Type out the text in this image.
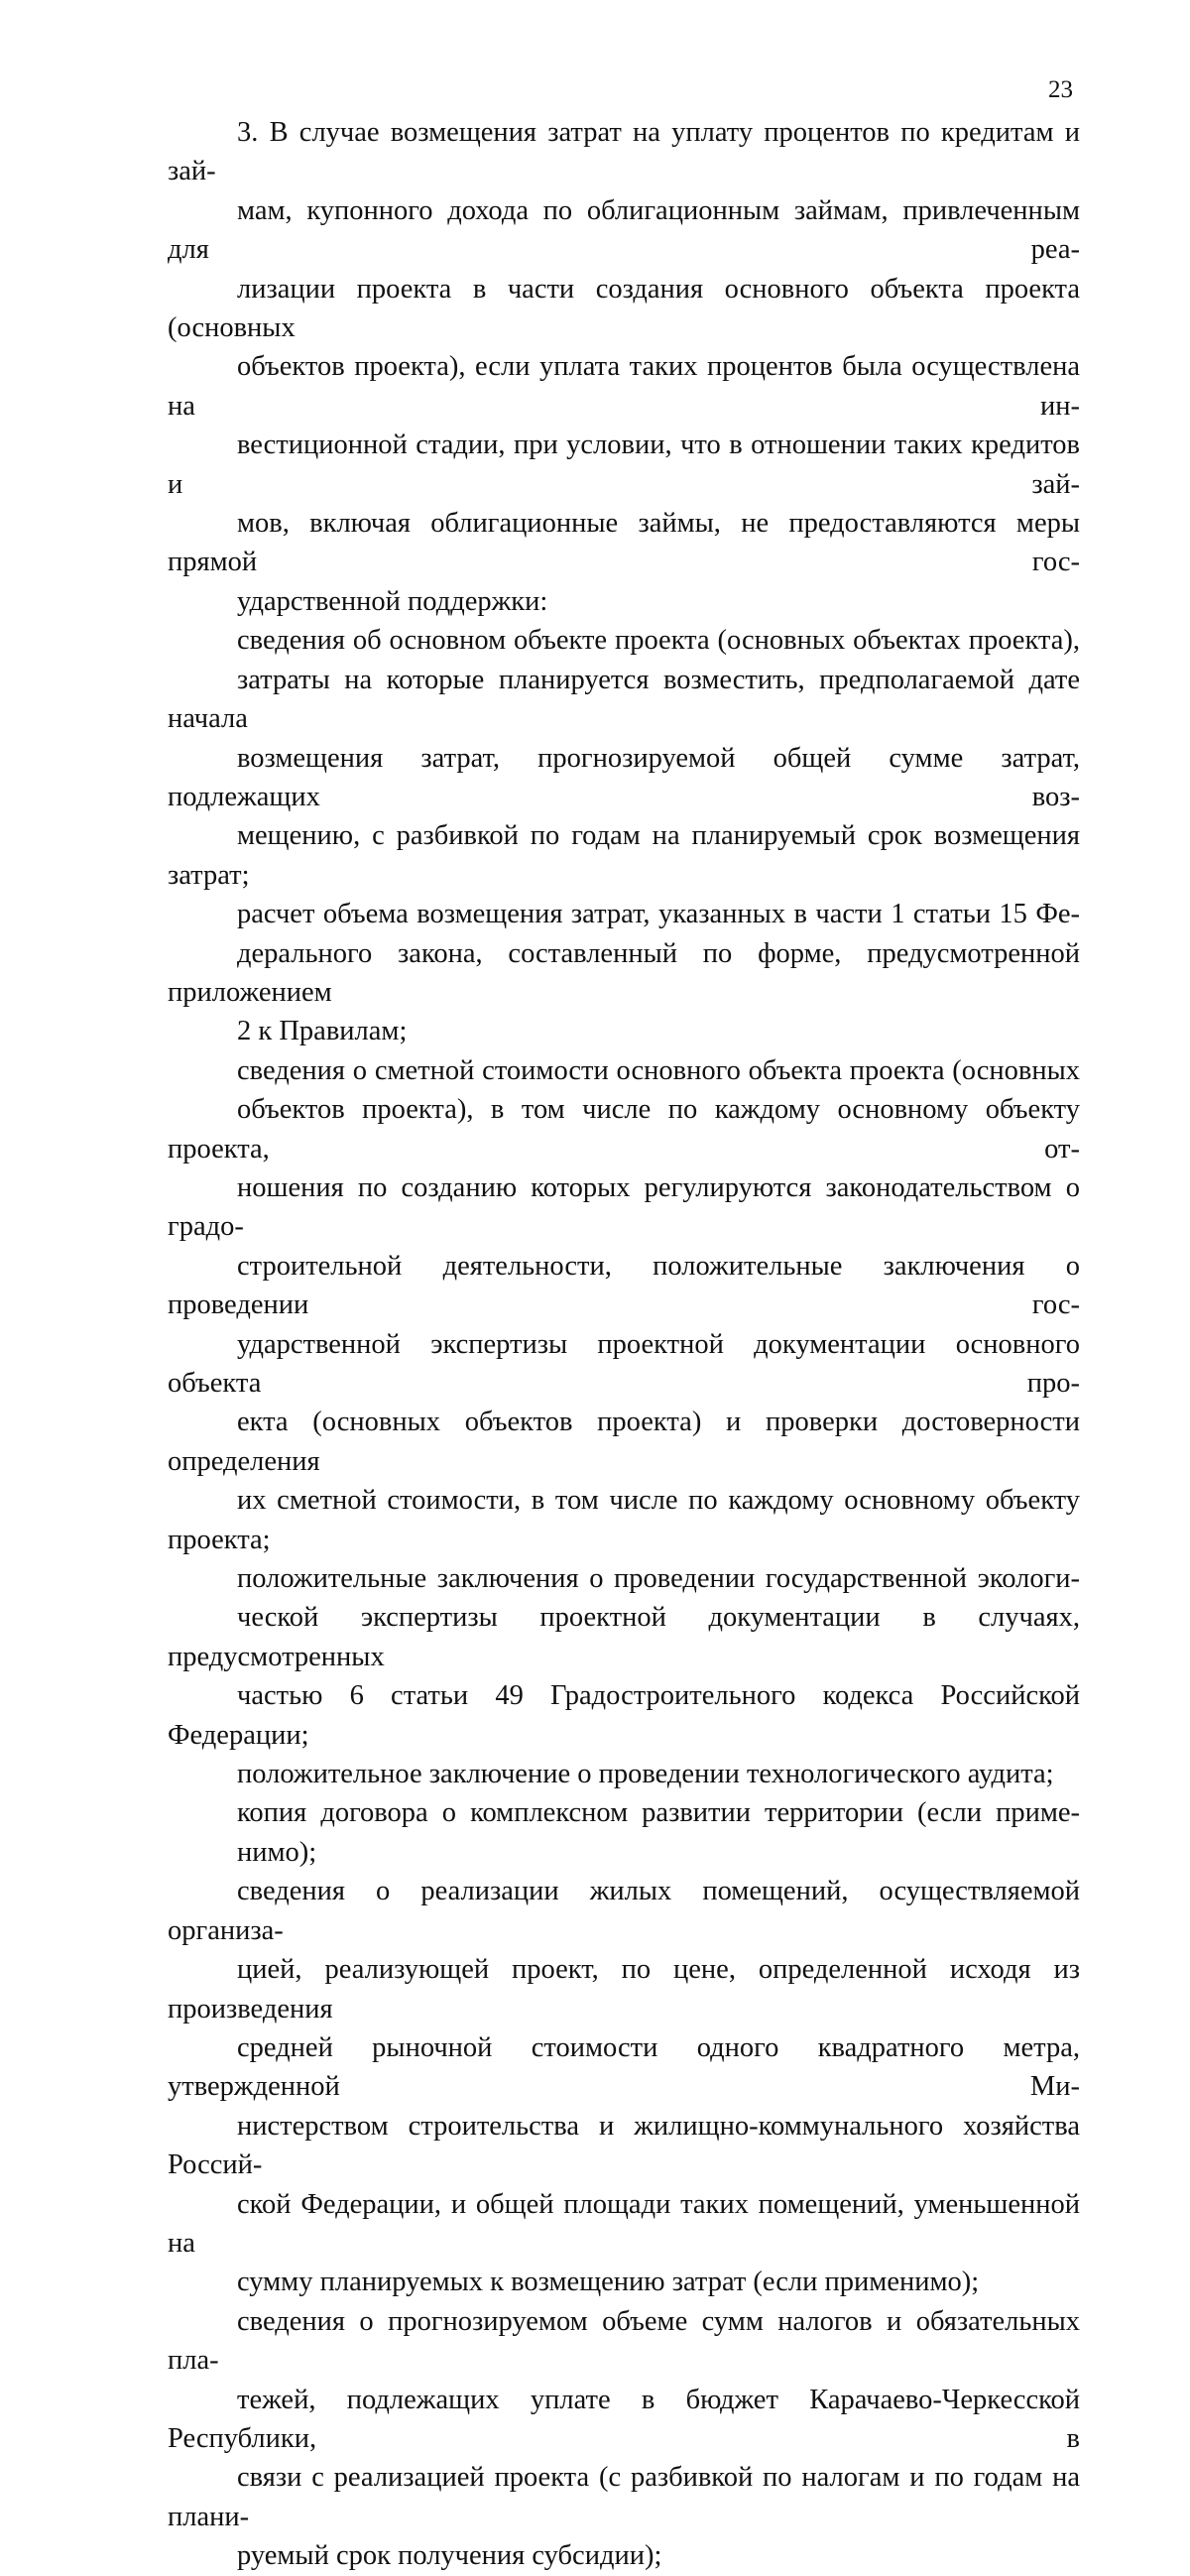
23

3. В случае возмещения затрат на уплату процентов по кредитам и зай-
мам, купонного дохода по облигационным займам, привлеченным для реа-
лизации проекта в части создания основного объекта проекта (основных
объектов проекта), если уплата таких процентов была осуществлена на ин-
вестиционной стадии, при условии, что в отношении таких кредитов и зай-
мов, включая облигационные займы, не предоставляются меры прямой гос-
ударственной поддержки:

сведения об основном объекте проекта (основных объектах проекта),
затраты на которые планируется возместить, предполагаемой дате начала
возмещения затрат, прогнозируемой общей сумме затрат, подлежащих воз-
мещению, с разбивкой по годам на планируемый срок возмещения затрат;

расчет объема возмещения затрат, указанных в части 1 статьи 15 Фе-
дерального закона, составленный по форме, предусмотренной приложением
2 к Правилам;

сведения о сметной стоимости основного объекта проекта (основных
объектов проекта), в том числе по каждому основному объекту проекта, от-
ношения по созданию которых регулируются законодательством о градо-
строительной деятельности, положительные заключения о проведении гос-
ударственной экспертизы проектной документации основного объекта про-
екта (основных объектов проекта) и проверки достоверности определения
их сметной стоимости, в том числе по каждому основному объекту проекта;

положительные заключения о проведении государственной экологи-
ческой экспертизы проектной документации в случаях, предусмотренных
частью 6 статьи 49 Градостроительного кодекса Российской Федерации;

положительное заключение о проведении технологического аудита;

копия договора о комплексном развитии территории (если приме-
нимо);

сведения о реализации жилых помещений, осуществляемой организа-
цией, реализующей проект, по цене, определенной исходя из произведения
средней рыночной стоимости одного квадратного метра, утвержденной Ми-
нистерством строительства и жилищно-коммунального хозяйства Россий-
ской Федерации, и общей площади таких помещений, уменьшенной на
сумму планируемых к возмещению затрат (если применимо);

сведения о прогнозируемом объеме сумм налогов и обязательных пла-
тежей, подлежащих уплате в бюджет Карачаево-Черкесской Республики, в
связи с реализацией проекта (с разбивкой по налогам и по годам на плани-
руемый срок получения субсидии);
